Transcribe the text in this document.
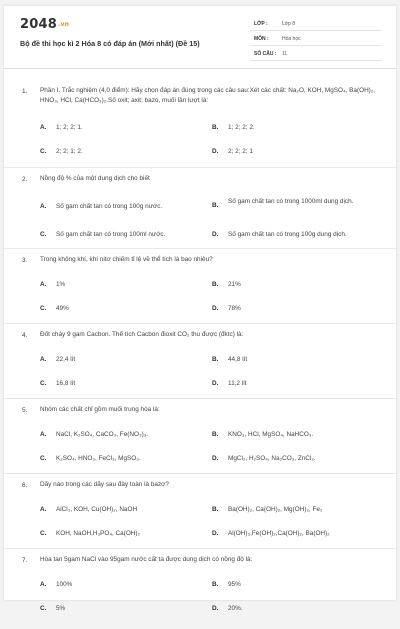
2048.vn
Bộ đề thi học kì 2 Hóa 8 có đáp án (Mới nhất) (Đề 15)
LỚP :	Lớp 8
MÔN :	Hóa học
SỐ CÂU : 11
1. Phần I. Trắc nghiệm (4,0 điểm): Hãy chọn đáp án đúng trong các câu sau:Xét các chất: Na₂O, KOH, MgSO₄, Ba(OH)₂, HNO₃, HCl, Ca(HCO₃)₂.Số oxit; axit; bazo, muối lần lượt là:
A. 1; 2; 2; 1.	B. 1; 2; 2; 2.
C. 2; 2; 1; 2.	D. 2; 2; 2; 1
2. Nồng độ % của một dung dịch cho biết
A. Số gam chất tan có trong 100g nước.	B.Số gam chất tan có trong 1000ml dung dịch.
C. Số gam chất tan có trong 100ml nước.	D. Số gam chất tan có trong 100g dung dịch.
3. Trong không khí, khí nitơ chiếm tỉ lệ về thể tích là bao nhiêu?
A. 1%	B. 21%
C. 49%	D. 78%
4. Đốt cháy 9 gam Cacbon. Thể tích Cacbon đioxit CO₂ thu được (đktc) là:
A. 22,4 lít	B. 44,8 lít
C. 16,8 lít	D. 11,2 lít
5. Nhóm các chất chỉ gồm muối trung hòa là:
A. NaCl, K₂SO₄, CaCO₃, Fe(NO₃)₃.	B. KNO₃, HCl, MgSO₄, NaHCO₃.
C. K₂SO₄, HNO₃, FeCl₃, MgSO₃.	D. MgCl₂, H₂SO₄, Na₂CO₃, ZnCl₂.
6. Dãy nào trong các dãy sau đây toàn là bazơ?
A. AlCl₃, KOH, Cu(OH)₂, NaOH	B. Ba(OH)₂, Ca(OH)₂, Mg(OH)₂, Fe₂
C. KOH, NaOH,H₃PO₄, Ca(OH)₂	D. Al(OH)₃,Fe(OH)₂,Ca(OH)₂, Ba(OH)₂
7. Hòa tan 5gam NaCl vào 95gam nước cất ta được dung dịch có nồng độ là:
A. 100%	B. 95%
C. 5%	D. 20%.
